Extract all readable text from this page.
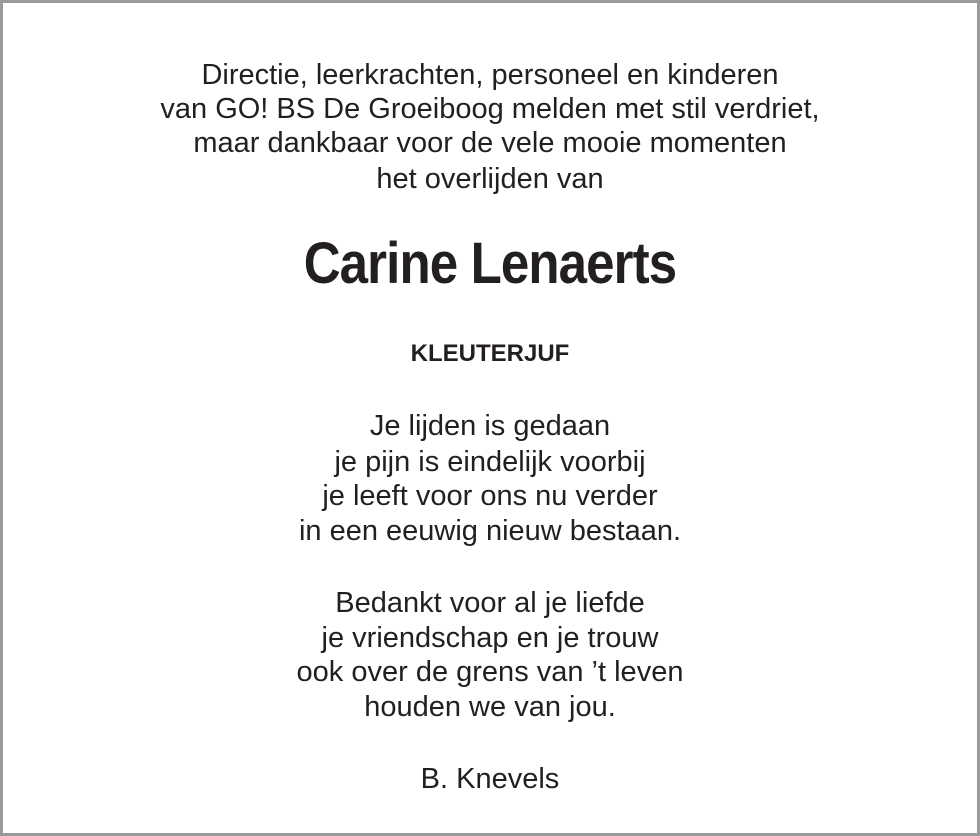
Directie, leerkrachten, personeel en kinderen
van GO! BS De Groeiboog melden met stil verdriet,
maar dankbaar voor de vele mooie momenten
het overlijden van
Carine Lenaerts
KLEUTERJUF
Je lijden is gedaan
je pijn is eindelijk voorbij
je leeft voor ons nu verder
in een eeuwig nieuw bestaan.
Bedankt voor al je liefde
je vriendschap en je trouw
ook over de grens van ’t leven
houden we van jou.
B. Knevels
